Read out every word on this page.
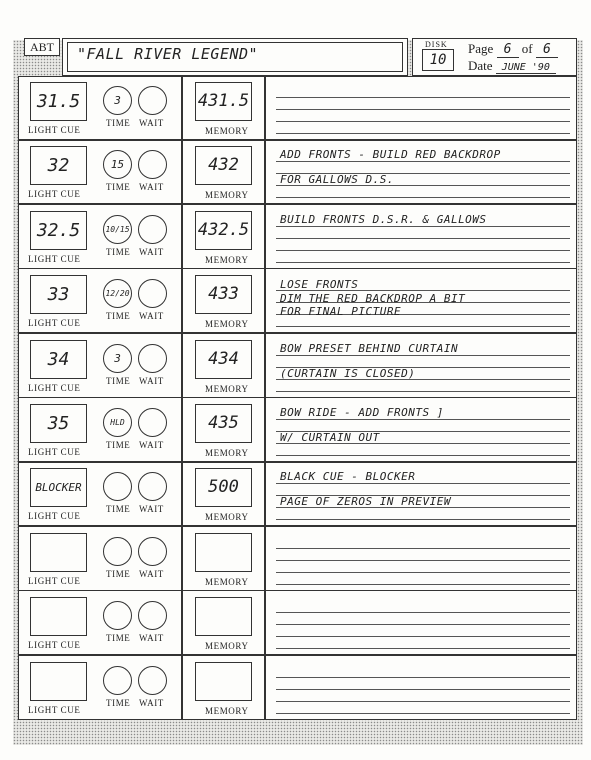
ABT	"FALL RIVER LEGEND"
DISK
10
Page 6 of 6
Date JUNE '90
31.5
LIGHT CUE
3
TIME WAIT
431.5
MEMORY
32
LIGHT CUE
15
TIME WAIT
432
MEMORY
ADD FRONTS - BUILD RED BACKDROP
FOR GALLOWS D.S.
32.5
LIGHT CUE
10/15
TIME WAIT
432.5
MEMORY
BUILD FRONTS D.S.R. & GALLOWS
33
LIGHT CUE
12/20
TIME WAIT
433
MEMORY
LOSE FRONTS
DIM THE RED BACKDROP A BIT
FOR FINAL PICTURE
34
LIGHT CUE
3
TIME WAIT
434
MEMORY
BOW PRESET BEHIND CURTAIN
(CURTAIN IS CLOSED)
35
LIGHT CUE
HLD
TIME WAIT
435
MEMORY
BOW RIDE - ADD FRONTS ]
W/ CURTAIN OUT
BLOCKER
LIGHT CUE
TIME WAIT
500
MEMORY
BLACK CUE - BLOCKER
PAGE OF ZEROS IN PREVIEW
LIGHT CUE
TIME WAIT
MEMORY
LIGHT CUE
TIME WAIT
MEMORY
LIGHT CUE
TIME WAIT
MEMORY
